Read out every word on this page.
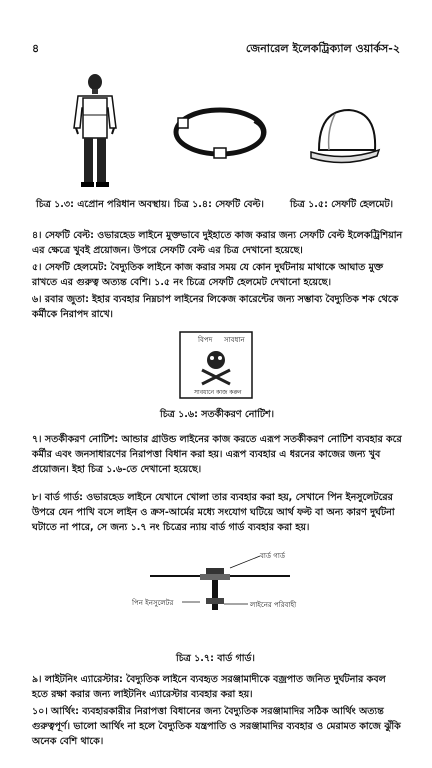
৪	জেনারেল ইলেকট্রিক্যাল ওয়ার্কস-২
চিত্র ১.৩: এপ্রোন পরিধান অবস্থায়। চিত্র ১.৪: সেফটি বেল্ট।	চিত্র ১.৫: সেফটি হেলমেট।
৪। সেফটি বেল্ট: ওভারহেড লাইনে মুক্তভাবে দুইহাতে কাজ করার জন্য সেফটি বেল্ট ইলেকট্রিশিয়ান এর ক্ষেত্রে খুবই প্রয়োজন। উপরে সেফটি বেল্ট এর চিত্র দেখানো হয়েছে।
৫। সেফটি হেলমেট: বৈদ্যুতিক লাইনে কাজ করার সময় যে কোন দুর্ঘটনায় মাথাকে আঘাত মুক্ত রাখতে এর গুরুত্ব অত্যন্ত বেশি। ১.৫ নং চিত্রে সেফটি হেলমেট দেখানো হয়েছে।
৬। রবার জুতা: ইহার ব্যবহার নিম্নচাপ লাইনের লিকেজ কারেন্টের জন্য সম্ভাব্য বৈদ্যুতিক শক থেকে কর্মীকে নিরাপদ রাখে।
বিপদ সাবধান
সাবধানে কাজ করুন
চিত্র ১.৬: সতর্কীকরণ নোটিশ।
৭। সতর্কীকরণ নোটিশ: আন্ডার গ্রাউন্ড লাইনের কাজ করতে এরূপ সতর্কীকরণ নোটিশ ব্যবহার করে কর্মীর এবং জনসাধারণের নিরাপত্তা বিধান করা হয়। এরূপ ব্যবহার এ ধরনের কাজের জন্য খুব প্রয়োজন। ইহা চিত্র ১.৬-তে দেখানো হয়েছে।
৮। বার্ড গার্ড: ওভারহেড লাইনে যেখানে খোলা তার ব্যবহার করা হয়, সেখানে পিন ইনসুলেটরের উপরে যেন পাখি বসে লাইন ও ক্রস-আর্মের মধ্যে সংযোগ ঘটিয়ে আর্থ ফল্ট বা অন্য কারণ দুর্ঘটনা ঘটাতে না পারে, সে জন্য ১.৭ নং চিত্রের ন্যায় বার্ড গার্ড ব্যবহার করা হয়।
বার্ড গার্ড
পিন ইনসুলেটর	লাইনের পরিবাহী
চিত্র ১.৭: বার্ড গার্ড।
৯। লাইটনিং এ্যারেস্টার: বৈদ্যুতিক লাইনে ব্যবহৃত সরঞ্জামাদীকে বজ্রপাত জনিত দুর্ঘটনার কবল হতে রক্ষা করার জন্য লাইটনিং এ্যারেস্টার ব্যবহার করা হয়।
১০। আর্থিং: ব্যবহারকারীর নিরাপত্তা বিধানের জন্য বৈদ্যুতিক সরঞ্জামাদির সঠিক আর্থিং অত্যন্ত গুরুত্বপূর্ণ। ভালো আর্থিং না হলে বৈদ্যুতিক যন্ত্রপাতি ও সরঞ্জামাদির ব্যবহার ও মেরামত কাজে ঝুঁকি অনেক বেশি থাকে।
